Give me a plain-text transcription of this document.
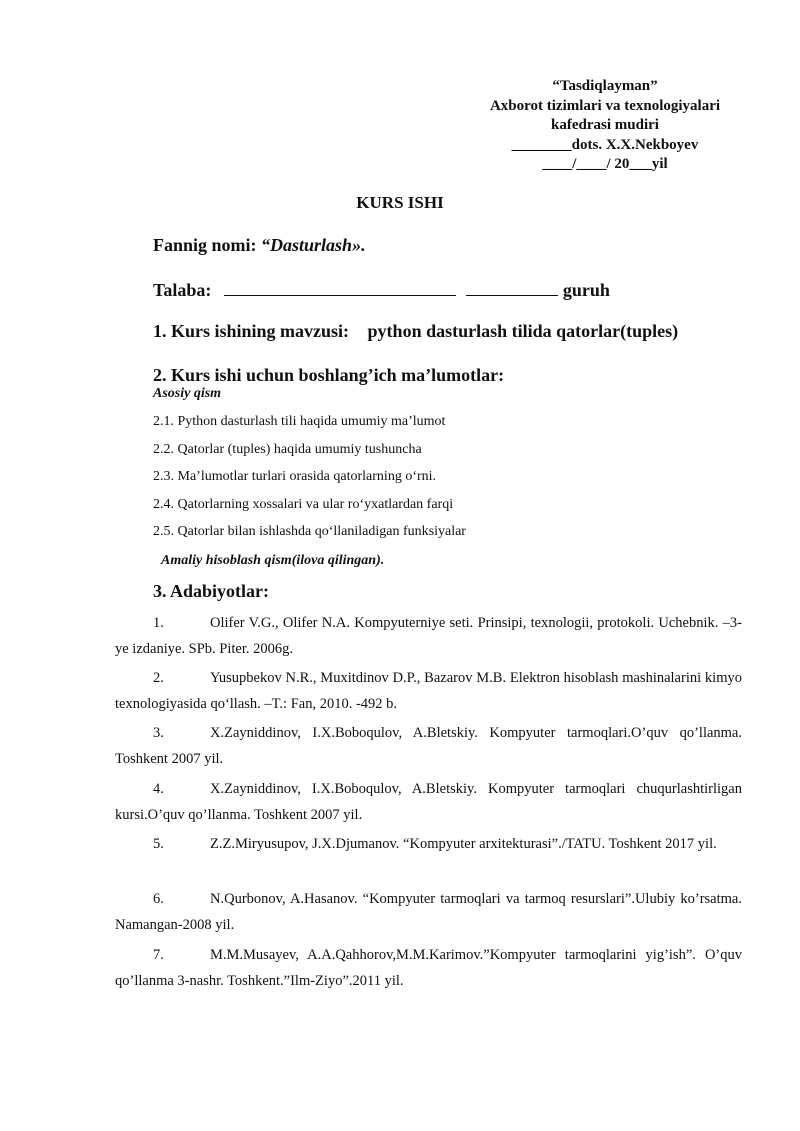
“Tasdiqlayman”
Axborot tizimlari va texnologiyalari
kafedrasi mudiri
________dots. X.X.Nekboyev
____/____/ 20___yil
KURS ISHI
Fannig nomi: “Dasturlash».
Talaba:	guruh
1. Kurs ishining mavzusi: python dasturlash tilida qatorlar(tuples)
2. Kurs ishi uchun boshlang’ich ma’lumotlar:
Asosiy qism
2.1. Python dasturlash tili haqida umumiy ma’lumot
2.2. Qatorlar (tuples) haqida umumiy tushuncha
2.3. Ma’lumotlar turlari orasida qatorlarning o‘rni.
2.4. Qatorlarning xossalari va ular ro‘yxatlardan farqi
2.5. Qatorlar bilan ishlashda qo‘llaniladigan funksiyalar
Amaliy hisoblash qism(ilova qilingan).
3. Adabiyotlar:
1.	Olifer V.G., Olifer N.A. Kompyuterniye seti. Prinsipi, texnologii, protokoli. Uchebnik. –3-ye izdaniye. SPb. Piter. 2006g.
2.	Yusupbekov N.R., Muxitdinov D.P., Bazarov M.B. Elektron hisoblash mashinalarini kimyo texnologiyasida qo‘llash. –T.: Fan, 2010. -492 b.
3.	X.Zayniddinov, I.X.Boboqulov, A.Bletskiy. Kompyuter tarmoqlari.O’quv qo’llanma. Toshkent 2007 yil.
4.	X.Zayniddinov, I.X.Boboqulov, A.Bletskiy. Kompyuter tarmoqlari chuqurlashtirligan kursi.O’quv qo’llanma. Toshkent 2007 yil.
5.	Z.Z.Miryusupov, J.X.Djumanov. “Kompyuter arxitekturasi”./TATU. Toshkent 2017 yil.
6.	N.Qurbonov, A.Hasanov. “Kompyuter tarmoqlari va tarmoq resurslari”.Ulubiy ko’rsatma. Namangan-2008 yil.
7.	M.M.Musayev, A.A.Qahhorov,M.M.Karimov.”Kompyuter tarmoqlarini yig’ish”. O’quv qo’llanma 3-nashr. Toshkent.”Ilm-Ziyo”.2011 yil.
